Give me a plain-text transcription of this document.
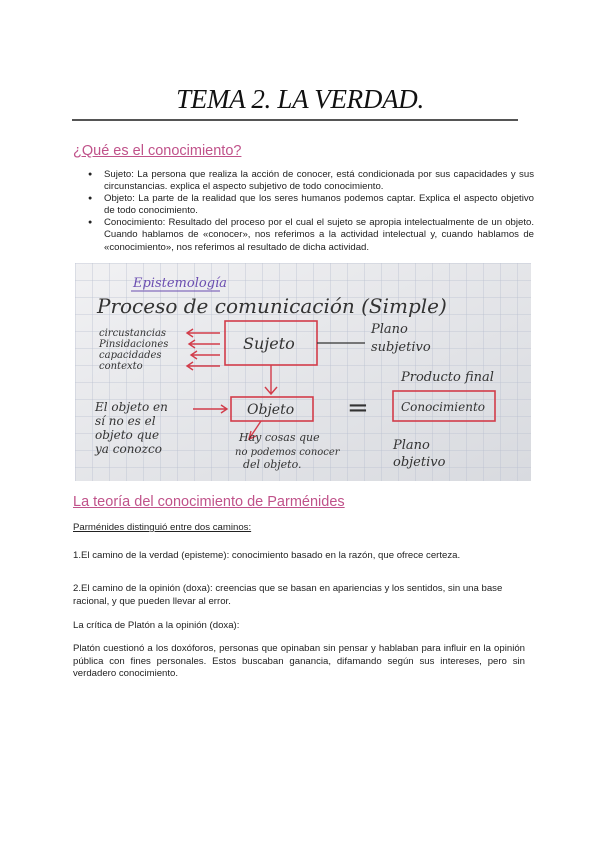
TEMA 2. LA VERDAD.
¿Qué es el conocimiento?
● Sujeto: La persona que realiza la acción de conocer, está condicionada por sus capacidades y sus circunstancias. explica el aspecto subjetivo de todo conocimiento.
● Objeto: La parte de la realidad que los seres humanos podemos captar. Explica el aspecto objetivo de todo conocimiento.
● Conocimiento: Resultado del proceso por el cual el sujeto se apropia intelectualmente de un objeto. Cuando hablamos de «conocer», nos referimos a la actividad intelectual y, cuando hablamos de «conocimiento», nos referimos al resultado de dicha actividad.
Epistemología
Proceso de comunicación (Simple)
circustancias
Pinsidaciones
capacidades
contexto
Sujeto
Plano
subjetivo
Producto final
El objeto en
sí no es el
objeto que
ya conozco
Objeto =	Conocimiento
Hay cosas que
no podemos conocer
del objeto.
Plano
objetivo
La teoría del conocimiento de Parménides
Parménides distinguió entre dos caminos:
1.El camino de la verdad (episteme): conocimiento basado en la razón, que ofrece certeza.
2.El camino de la opinión (doxa): creencias que se basan en apariencias y los sentidos, sin una base racional, y que pueden llevar al error.
La crítica de Platón a la opinión (doxa):
Platón cuestionó a los doxóforos, personas que opinaban sin pensar y hablaban para influir en la opinión pública con fines personales. Estos buscaban ganancia, difamando según sus intereses, pero sin verdadero conocimiento.
